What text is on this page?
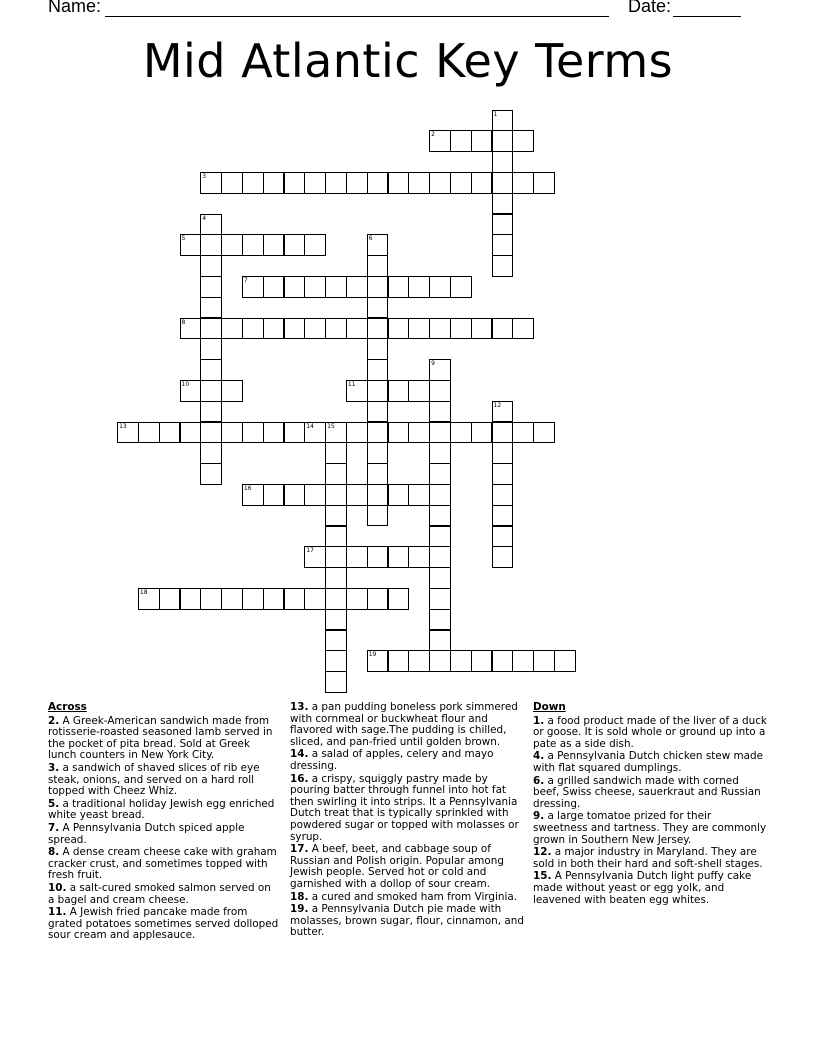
Name:

	Date:

Mid Atlantic Key Terms
1
2
3
4
5	6
7
8
9
10	11
12
13	14 15
16
17
18
19
Across
2. A Greek-American sandwich made from rotisserie-roasted seasoned lamb served in the pocket of pita bread. Sold at Greek lunch counters in New York City.
3. a sandwich of shaved slices of rib eye steak, onions, and served on a hard roll topped with Cheez Whiz.
5. a traditional holiday Jewish egg enriched white yeast bread.
7. A Pennsylvania Dutch spiced apple spread.
8. A dense cream cheese cake with graham cracker crust, and sometimes topped with fresh fruit.
10. a salt-cured smoked salmon served on a bagel and cream cheese.
11. A Jewish fried pancake made from grated potatoes sometimes served dolloped sour cream and applesauce.
13. a pan pudding boneless pork simmered with cornmeal or buckwheat flour and flavored with sage.The pudding is chilled, sliced, and pan-fried until golden brown.
14. a salad of apples, celery and mayo dressing.
16. a crispy, squiggly pastry made by pouring batter through funnel into hot fat then swirling it into strips. It a Pennsylvania Dutch treat that is typically sprinkled with powdered sugar or topped with molasses or syrup.
17. A beef, beet, and cabbage soup of Russian and Polish origin. Popular among Jewish people. Served hot or cold and garnished with a dollop of sour cream.
18. a cured and smoked ham from Virginia.
19. a Pennsylvania Dutch pie made with molasses, brown sugar, flour, cinnamon, and butter.
Down
1. a food product made of the liver of a duck or goose. It is sold whole or ground up into a pate as a side dish.
4. a Pennsylvania Dutch chicken stew made with flat squared dumplings.
6. a grilled sandwich made with corned beef, Swiss cheese, sauerkraut and Russian dressing.
9. a large tomatoe prized for their sweetness and tartness. They are commonly grown in Southern New Jersey.
12. a major industry in Maryland. They are sold in both their hard and soft-shell stages.
15. A Pennsylvania Dutch light puffy cake made without yeast or egg yolk, and leavened with beaten egg whites.
